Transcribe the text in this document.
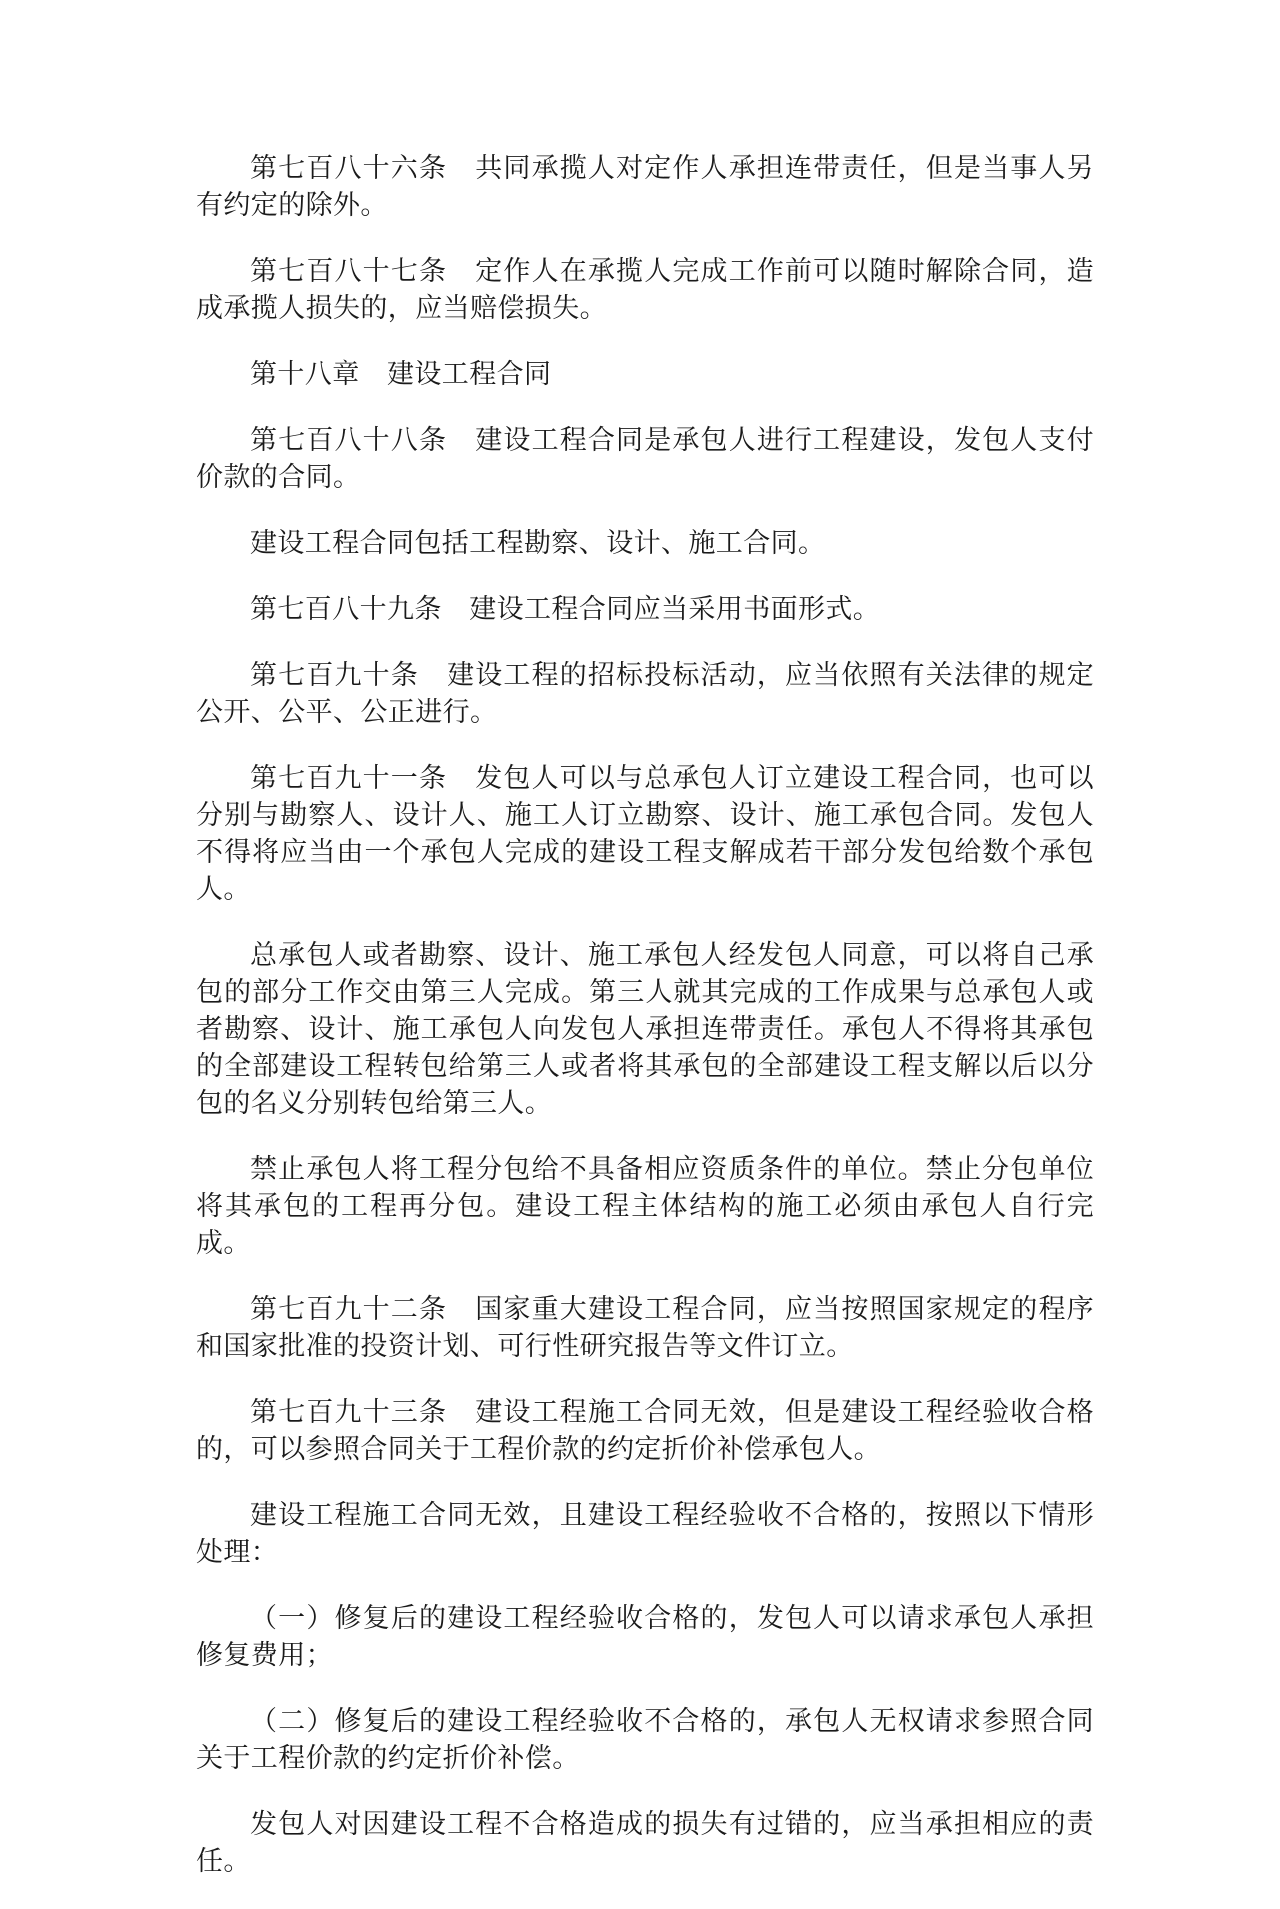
第七百八十六条　共同承揽人对定作人承担连带责任，但是当事人另有约定的除外。

第七百八十七条　定作人在承揽人完成工作前可以随时解除合同，造成承揽人损失的，应当赔偿损失。

第十八章　建设工程合同

第七百八十八条　建设工程合同是承包人进行工程建设，发包人支付价款的合同。

建设工程合同包括工程勘察、设计、施工合同。

第七百八十九条　建设工程合同应当采用书面形式。

第七百九十条　建设工程的招标投标活动，应当依照有关法律的规定公开、公平、公正进行。

第七百九十一条　发包人可以与总承包人订立建设工程合同，也可以分别与勘察人、设计人、施工人订立勘察、设计、施工承包合同。发包人不得将应当由一个承包人完成的建设工程支解成若干部分发包给数个承包人。

总承包人或者勘察、设计、施工承包人经发包人同意，可以将自己承包的部分工作交由第三人完成。第三人就其完成的工作成果与总承包人或者勘察、设计、施工承包人向发包人承担连带责任。承包人不得将其承包的全部建设工程转包给第三人或者将其承包的全部建设工程支解以后以分包的名义分别转包给第三人。

禁止承包人将工程分包给不具备相应资质条件的单位。禁止分包单位将其承包的工程再分包。建设工程主体结构的施工必须由承包人自行完成。

第七百九十二条　国家重大建设工程合同，应当按照国家规定的程序和国家批准的投资计划、可行性研究报告等文件订立。

第七百九十三条　建设工程施工合同无效，但是建设工程经验收合格的，可以参照合同关于工程价款的约定折价补偿承包人。

建设工程施工合同无效，且建设工程经验收不合格的，按照以下情形处理：

（一）修复后的建设工程经验收合格的，发包人可以请求承包人承担修复费用；

（二）修复后的建设工程经验收不合格的，承包人无权请求参照合同关于工程价款的约定折价补偿。

发包人对因建设工程不合格造成的损失有过错的，应当承担相应的责任。
